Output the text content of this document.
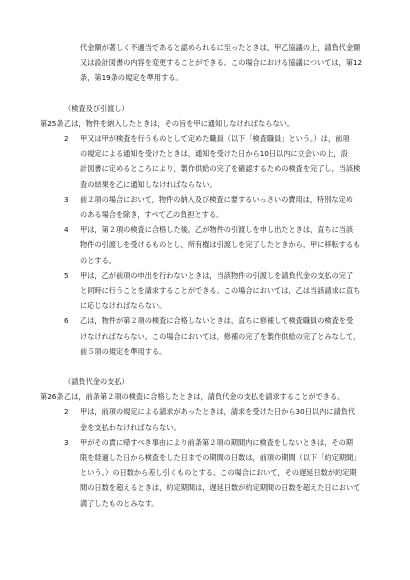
代金額が著しく不適当であると認められるに至ったときは，甲乙協議の上，請負代金額
又は設計図書の内容を変更することができる。この場合における協議については，第12
条，第19条の規定を準用する。
（検査及び引渡し）
第25条乙は，物件を納入したときは，その旨を甲に通知しなければならない。
2 甲又は甲が検査を行うものとして定めた職員（以下「検査職員」という。）は，前項
の規定による通知を受けたときは，通知を受けた日から10日以内に立会いの上，設
計図書に定めるところにより，製作供給の完了を確認するための検査を完了し，当該検
査の結果を乙に通知しなければならない。
3 前２項の場合において，物件の納入及び検査に要するいっさいの費用は，特別な定め
のある場合を除き，すべて乙の負担とする。
4 甲は，第２項の検査に合格した後，乙が物件の引渡しを申し出たときは，直ちに当該
物件の引渡しを受けるものとし，所有権は引渡しを完了したときから，甲に移転するも
のとする。
5 甲は，乙が前項の申出を行わないときは，当該物件の引渡しを請負代金の支払の完了
と同時に行うことを請求することができる。この場合においては，乙は当該請求に直ち
に応じなければならない。
6 乙は，物件が第２項の検査に合格しないときは，直ちに修補して検査職員の検査を受
けなければならない。この場合においては，修補の完了を製作供給の完了とみなして，
前５項の規定を準用する。
（請負代金の支払）
第26条乙は，前条第２項の検査に合格したときは，請負代金の支払を請求することができる。
2 甲は，前項の規定による請求があったときは，請求を受けた日から30日以内に請負代
金を支払わなければならない。
3 甲がその責に帰すべき事由により前条第２項の期間内に検査をしないときは，その期
限を経過した日から検査をした日までの期間の日数は，前項の期間（以下「約定期間」
という。）の日数から差し引くものとする。この場合において，その遅延日数が約定期
間の日数を超えるときは，約定期間は，遅延日数が約定期間の日数を超えた日において
満了したものとみなす。
